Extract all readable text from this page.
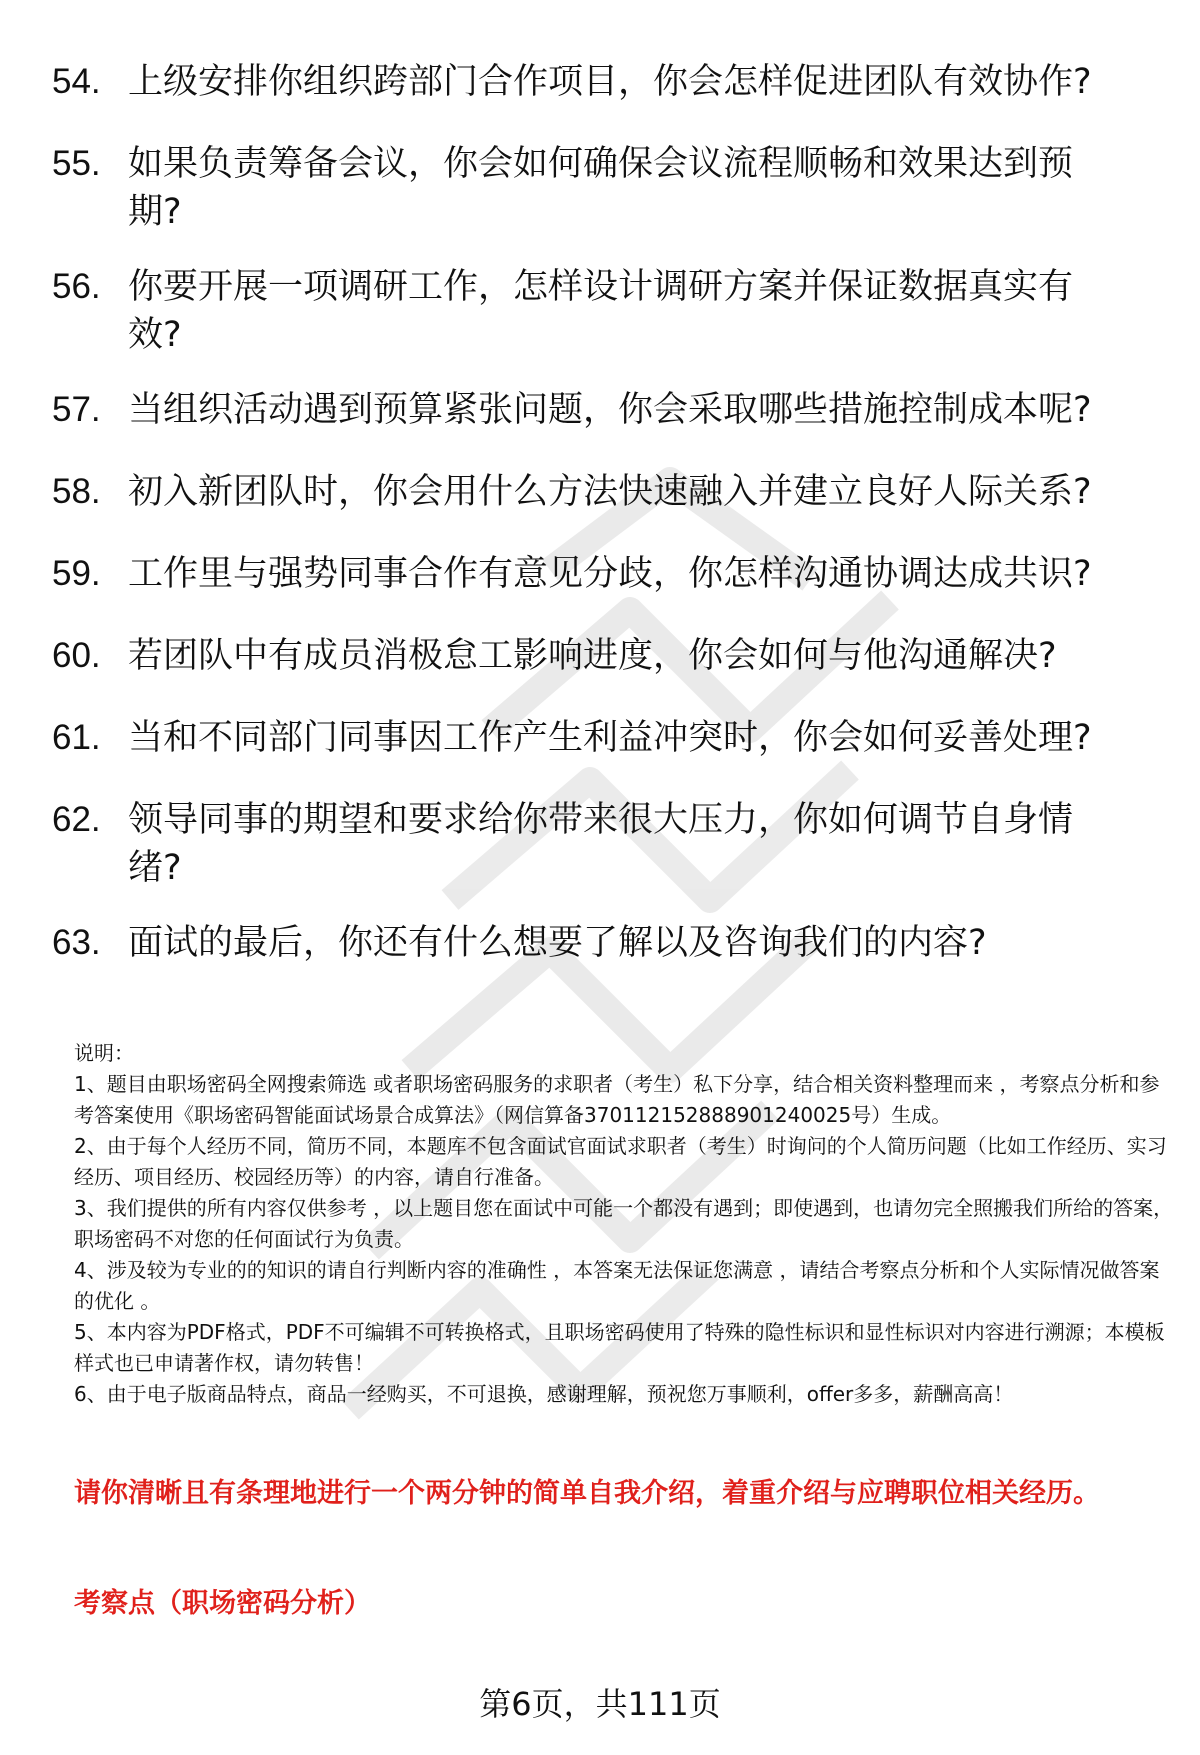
54. 上级安排你组织跨部门合作项目，你会怎样促进团队有效协作?
55. 如果负责筹备会议，你会如何确保会议流程顺畅和效果达到预期?
56. 你要开展一项调研工作，怎样设计调研方案并保证数据真实有效?
57. 当组织活动遇到预算紧张问题，你会采取哪些措施控制成本呢?
58. 初入新团队时，你会用什么方法快速融入并建立良好人际关系?
59. 工作里与强势同事合作有意见分歧，你怎样沟通协调达成共识?
60. 若团队中有成员消极怠工影响进度，你会如何与他沟通解决?
61. 当和不同部门同事因工作产生利益冲突时，你会如何妥善处理?
62. 领导同事的期望和要求给你带来很大压力，你如何调节自身情绪?
63. 面试的最后，你还有什么想要了解以及咨询我们的内容?

说明：

1、题目由职场密码全网搜索筛选 或者职场密码服务的求职者（考生）私下分享，结合相关资料整理而来 ，考察点分析和参考答案使用《职场密码智能面试场景合成算法》（网信算备370112152888901240025号）生成。

2、由于每个人经历不同，简历不同，本题库不包含面试官面试求职者（考生）时询问的个人简历问题（比如工作经历、实习经历、项目经历、校园经历等）的内容，请自行准备。

3、我们提供的所有内容仅供参考 ，以上题目您在面试中可能一个都没有遇到；即使遇到，也请勿完全照搬我们所给的答案，职场密码不对您的任何面试行为负责。

4、涉及较为专业的的知识的请自行判断内容的准确性 ，本答案无法保证您满意 ，请结合考察点分析和个人实际情况做答案的优化 。

5、本内容为PDF格式，PDF不可编辑不可转换格式，且职场密码使用了特殊的隐性标识和显性标识对内容进行溯源；本模板样式也已申请著作权，请勿转售！

6、由于电子版商品特点，商品一经购买，不可退换，感谢理解，预祝您万事顺利，offer多多，薪酬高高！

请你清晰且有条理地进行一个两分钟的简单自我介绍，着重介绍与应聘职位相关经历。
考察点（职场密码分析）
第6页，共111页
